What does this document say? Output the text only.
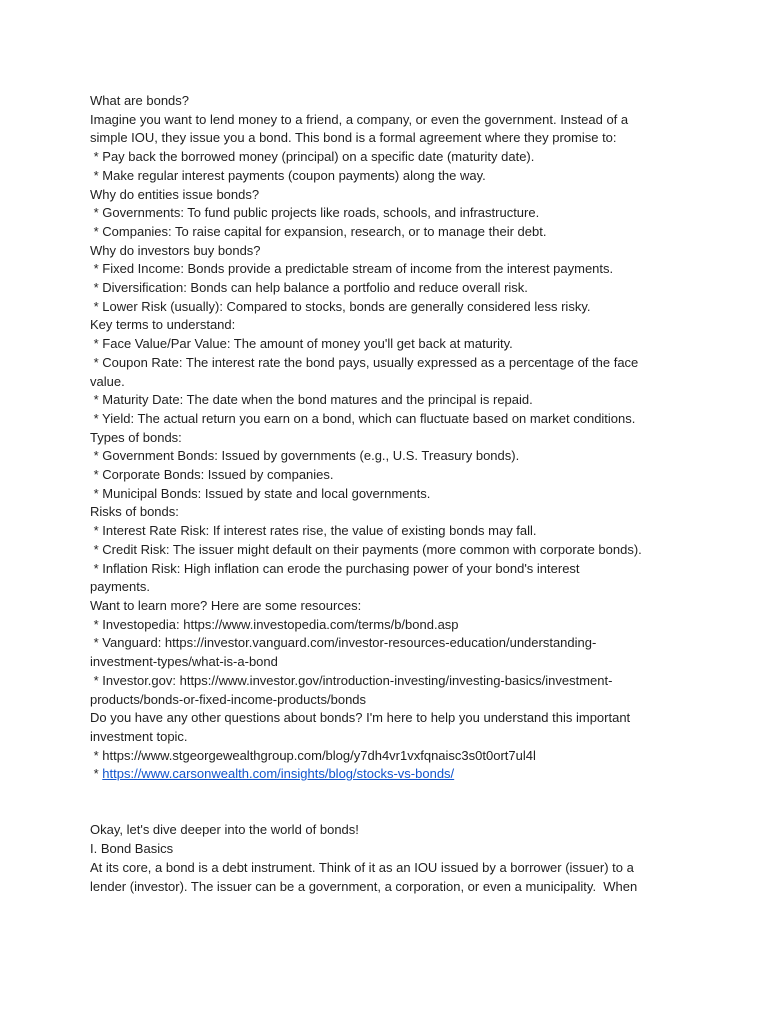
What are bonds?
Imagine you want to lend money to a friend, a company, or even the government. Instead of a
simple IOU, they issue you a bond. This bond is a formal agreement where they promise to:
* Pay back the borrowed money (principal) on a specific date (maturity date).
* Make regular interest payments (coupon payments) along the way.
Why do entities issue bonds?
* Governments: To fund public projects like roads, schools, and infrastructure.
* Companies: To raise capital for expansion, research, or to manage their debt.
Why do investors buy bonds?
* Fixed Income: Bonds provide a predictable stream of income from the interest payments.
* Diversification: Bonds can help balance a portfolio and reduce overall risk.
* Lower Risk (usually): Compared to stocks, bonds are generally considered less risky.
Key terms to understand:
* Face Value/Par Value: The amount of money you'll get back at maturity.
* Coupon Rate: The interest rate the bond pays, usually expressed as a percentage of the face
value.
* Maturity Date: The date when the bond matures and the principal is repaid.
* Yield: The actual return you earn on a bond, which can fluctuate based on market conditions.
Types of bonds:
* Government Bonds: Issued by governments (e.g., U.S. Treasury bonds).
* Corporate Bonds: Issued by companies.
* Municipal Bonds: Issued by state and local governments.
Risks of bonds:
* Interest Rate Risk: If interest rates rise, the value of existing bonds may fall.
* Credit Risk: The issuer might default on their payments (more common with corporate bonds).
* Inflation Risk: High inflation can erode the purchasing power of your bond's interest
payments.
Want to learn more? Here are some resources:
* Investopedia: https://www.investopedia.com/terms/b/bond.asp
* Vanguard: https://investor.vanguard.com/investor-resources-education/understanding-
investment-types/what-is-a-bond
* Investor.gov: https://www.investor.gov/introduction-investing/investing-basics/investment-
products/bonds-or-fixed-income-products/bonds
Do you have any other questions about bonds? I'm here to help you understand this important
investment topic.
* https://www.stgeorgewealthgroup.com/blog/y7dh4vr1vxfqnaisc3s0t0ort7ul4l
* https://www.carsonwealth.com/insights/blog/stocks-vs-bonds/
Okay, let's dive deeper into the world of bonds!
I. Bond Basics
At its core, a bond is a debt instrument. Think of it as an IOU issued by a borrower (issuer) to a
lender (investor). The issuer can be a government, a corporation, or even a municipality.  When
